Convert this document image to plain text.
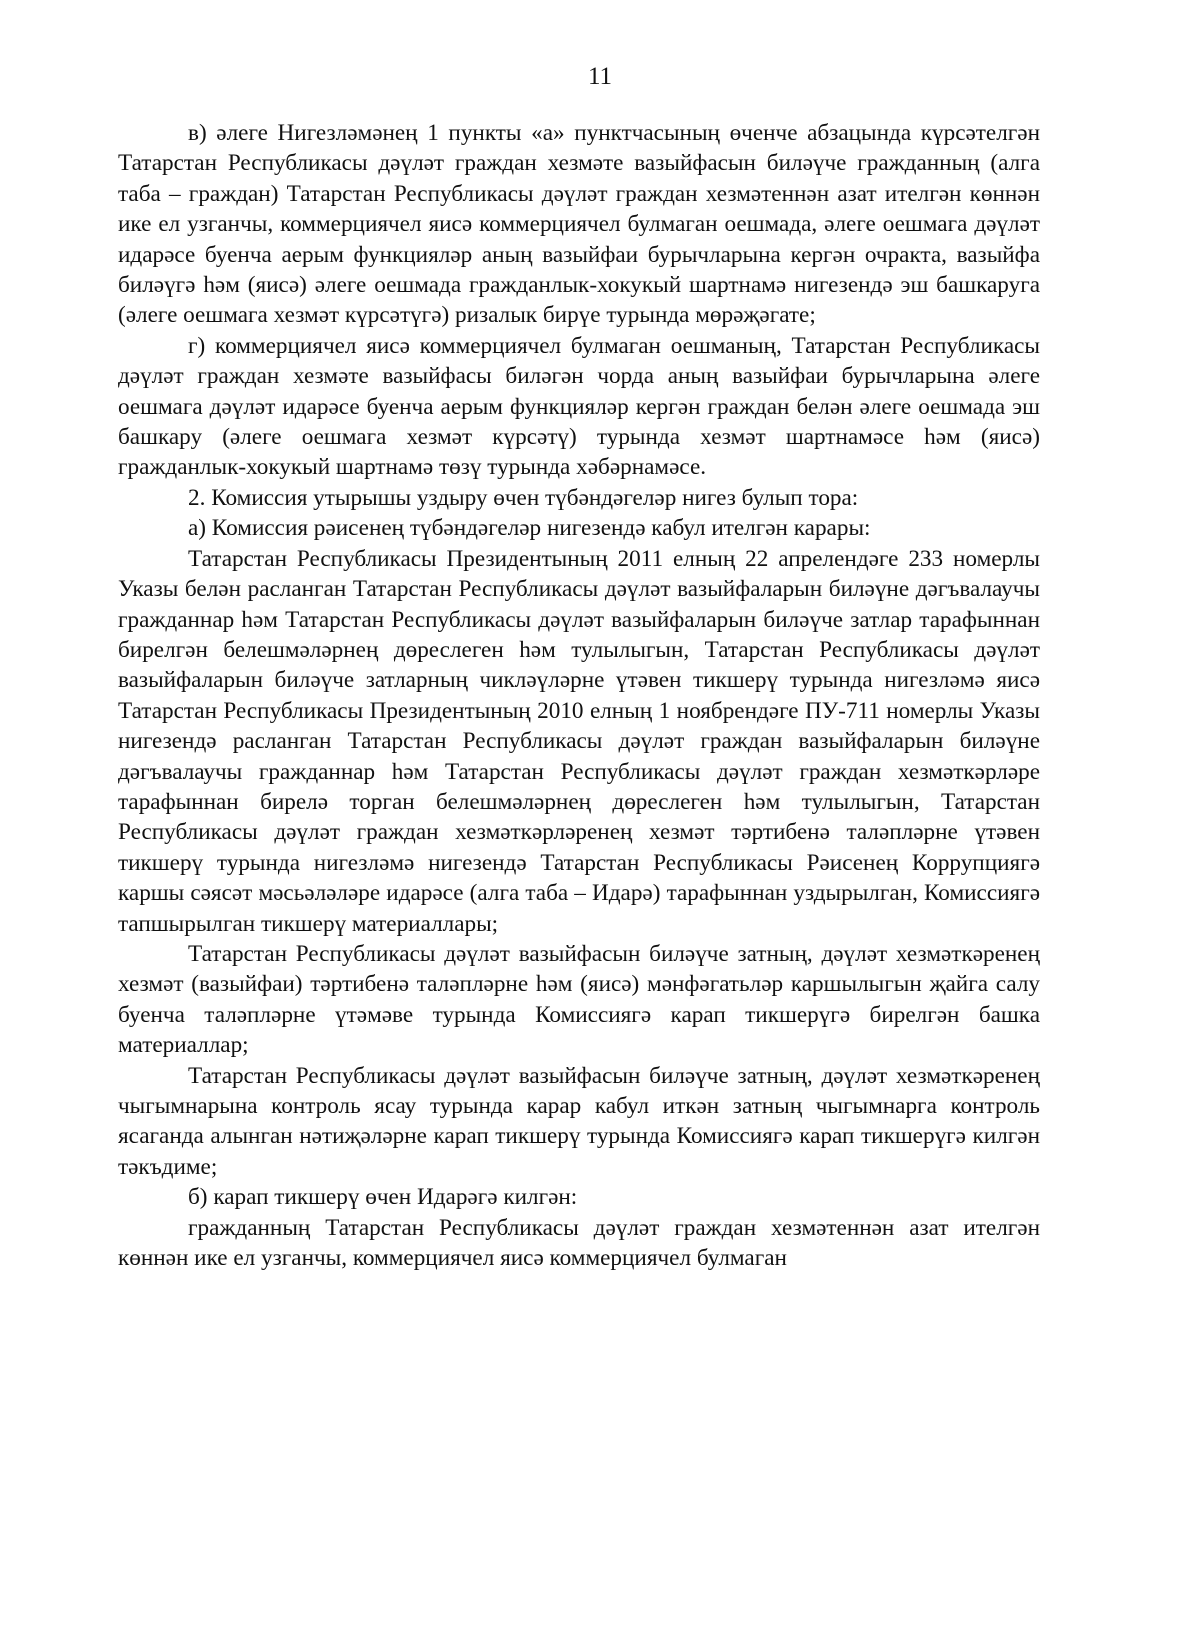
11

в) әлеге Нигезләмәнең 1 пункты «а» пунктчасының өченче абзацында күрсәтелгән Татарстан Республикасы дәүләт граждан хезмәте вазыйфасын биләүче гражданның (алга таба – граждан) Татарстан Республикасы дәүләт граждан хезмәтеннән азат ителгән көннән ике ел узганчы, коммерциячел яисә коммерциячел булмаган оешмада, әлеге оешмага дәүләт идарәсе буенча аерым функцияләр аның вазыйфаи бурычларына кергән очракта, вазыйфа биләүгә һәм (яисә) әлеге оешмада гражданлык-хокукый шартнамә нигезендә эш башкаруга (әлеге оешмага хезмәт күрсәтүгә) ризалык бирүе турында мөрәҗәгате;

г) коммерциячел яисә коммерциячел булмаган оешманың, Татарстан Республикасы дәүләт граждан хезмәте вазыйфасы биләгән чорда аның вазыйфаи бурычларына әлеге оешмага дәүләт идарәсе буенча аерым функцияләр кергән граждан белән әлеге оешмада эш башкару (әлеге оешмага хезмәт күрсәтү) турында хезмәт шартнамәсе һәм (яисә) гражданлык-хокукый шартнамә төзү турында хәбәрнамәсе.

2. Комиссия утырышы уздыру өчен түбәндәгеләр нигез булып тора:

а) Комиссия рәисенең түбәндәгеләр нигезендә кабул ителгән карары:

Татарстан Республикасы Президентының 2011 елның 22 апрелендәге 233 номерлы Указы белән расланган Татарстан Республикасы дәүләт вазыйфаларын биләүне дәгъвалаучы гражданнар һәм Татарстан Республикасы дәүләт вазыйфаларын биләүче затлар тарафыннан бирелгән белешмәләрнең дөреслеген һәм тулылыгын, Татарстан Республикасы дәүләт вазыйфаларын биләүче затларның чикләүләрне үтәвен тикшерү турында нигезләмә яисә Татарстан Республикасы Президентының 2010 елның 1 ноябрендәге ПУ-711 номерлы Указы нигезендә расланган Татарстан Республикасы дәүләт граждан вазыйфаларын биләүне дәгъвалаучы гражданнар һәм Татарстан Республикасы дәүләт граждан хезмәткәрләре тарафыннан бирелә торган белешмәләрнең дөреслеген һәм тулылыгын, Татарстан Республикасы дәүләт граждан хезмәткәрләренең хезмәт тәртибенә таләпләрне үтәвен тикшерү турында нигезләмә нигезендә Татарстан Республикасы Рәисенең Коррупциягә каршы сәясәт мәсьәләләре идарәсе (алга таба – Идарә) тарафыннан уздырылган, Комиссиягә тапшырылган тикшерү материаллары;

Татарстан Республикасы дәүләт вазыйфасын биләүче затның, дәүләт хезмәткәренең хезмәт (вазыйфаи) тәртибенә таләпләрне һәм (яисә) мәнфәгатьләр каршылыгын җайга салу буенча таләпләрне үтәмәве турында Комиссиягә карап тикшерүгә бирелгән башка материаллар;

Татарстан Республикасы дәүләт вазыйфасын биләүче затның, дәүләт хезмәткәренең чыгымнарына контроль ясау турында карар кабул иткән затның чыгымнарга контроль ясаганда алынган нәтиҗәләрне карап тикшерү турында Комиссиягә карап тикшерүгә килгән тәкъдиме;

б) карап тикшерү өчен Идарәгә килгән:

гражданның Татарстан Республикасы дәүләт граждан хезмәтеннән азат ителгән көннән ике ел узганчы, коммерциячел яисә коммерциячел булмаган
